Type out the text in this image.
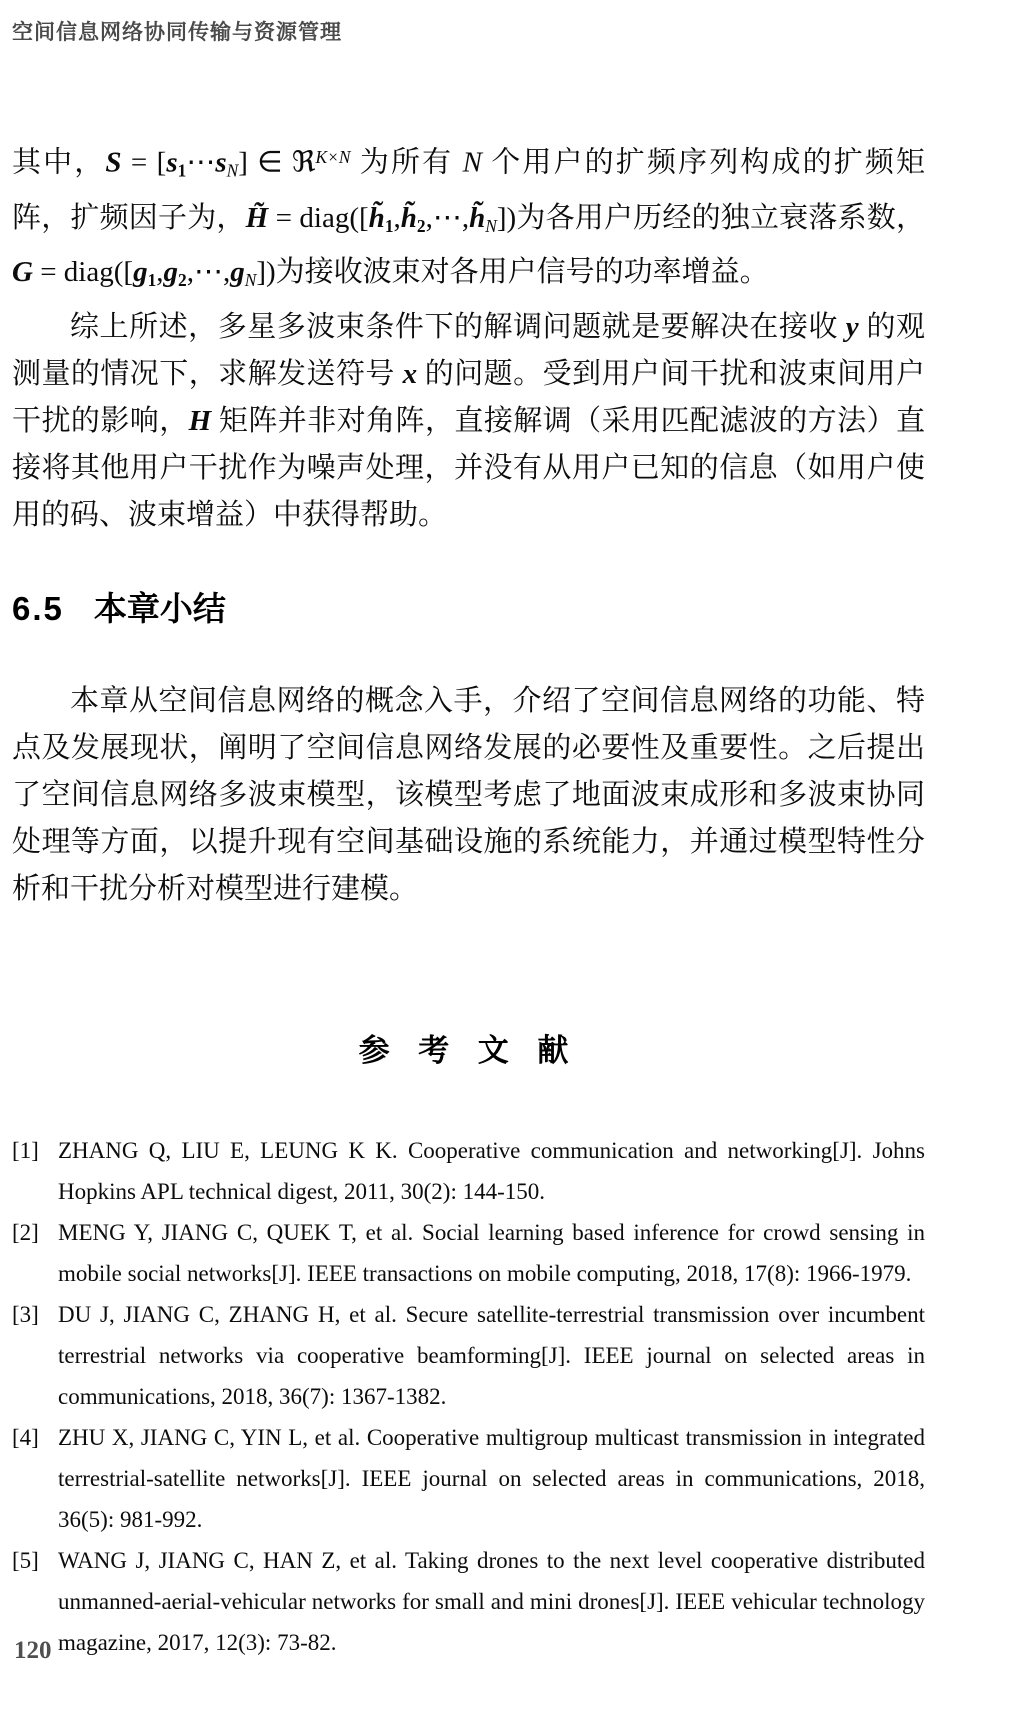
空间信息网络协同传输与资源管理

其中，S = [s1⋯sN] ∈ ℜ$^{K\times N}$ 为所有 N 个用户的扩频序列构成的扩频矩阵，扩频因子为，H̃ = diag([h̃1,h̃2,⋯,h̃N])为各用户历经的独立衰落系数，G = diag([g1,g2,⋯,gN])为接收波束对各用户信号的功率增益。

综上所述，多星多波束条件下的解调问题就是要解决在接收 y 的观测量的情况下，求解发送符号 x 的问题。受到用户间干扰和波束间用户干扰的影响，H 矩阵并非对角阵，直接解调（采用匹配滤波的方法）直接将其他用户干扰作为噪声处理，并没有从用户已知的信息（如用户使用的码、波束增益）中获得帮助。

6.5 本章小结

本章从空间信息网络的概念入手，介绍了空间信息网络的功能、特点及发展现状，阐明了空间信息网络发展的必要性及重要性。之后提出了空间信息网络多波束模型，该模型考虑了地面波束成形和多波束协同处理等方面，以提升现有空间基础设施的系统能力，并通过模型特性分析和干扰分析对模型进行建模。

参 考 文 献
[1] ZHANG Q, LIU E, LEUNG K K. Cooperative communication and networking[J]. Johns Hopkins APL technical digest, 2011, 30(2): 144-150.
[2] MENG Y, JIANG C, QUEK T, et al. Social learning based inference for crowd sensing in mobile social networks[J]. IEEE transactions on mobile computing, 2018, 17(8): 1966-1979.
[3] DU J, JIANG C, ZHANG H, et al. Secure satellite-terrestrial transmission over incumbent terrestrial networks via cooperative beamforming[J]. IEEE journal on selected areas in communications, 2018, 36(7): 1367-1382.
[4] ZHU X, JIANG C, YIN L, et al. Cooperative multigroup multicast transmission in integrated terrestrial-satellite networks[J]. IEEE journal on selected areas in communications, 2018, 36(5): 981-992.
[5] WANG J, JIANG C, HAN Z, et al. Taking drones to the next level cooperative distributed unmanned-aerial-vehicular networks for small and mini drones[J]. IEEE vehicular technology magazine, 2017, 12(3): 73-82.
120
